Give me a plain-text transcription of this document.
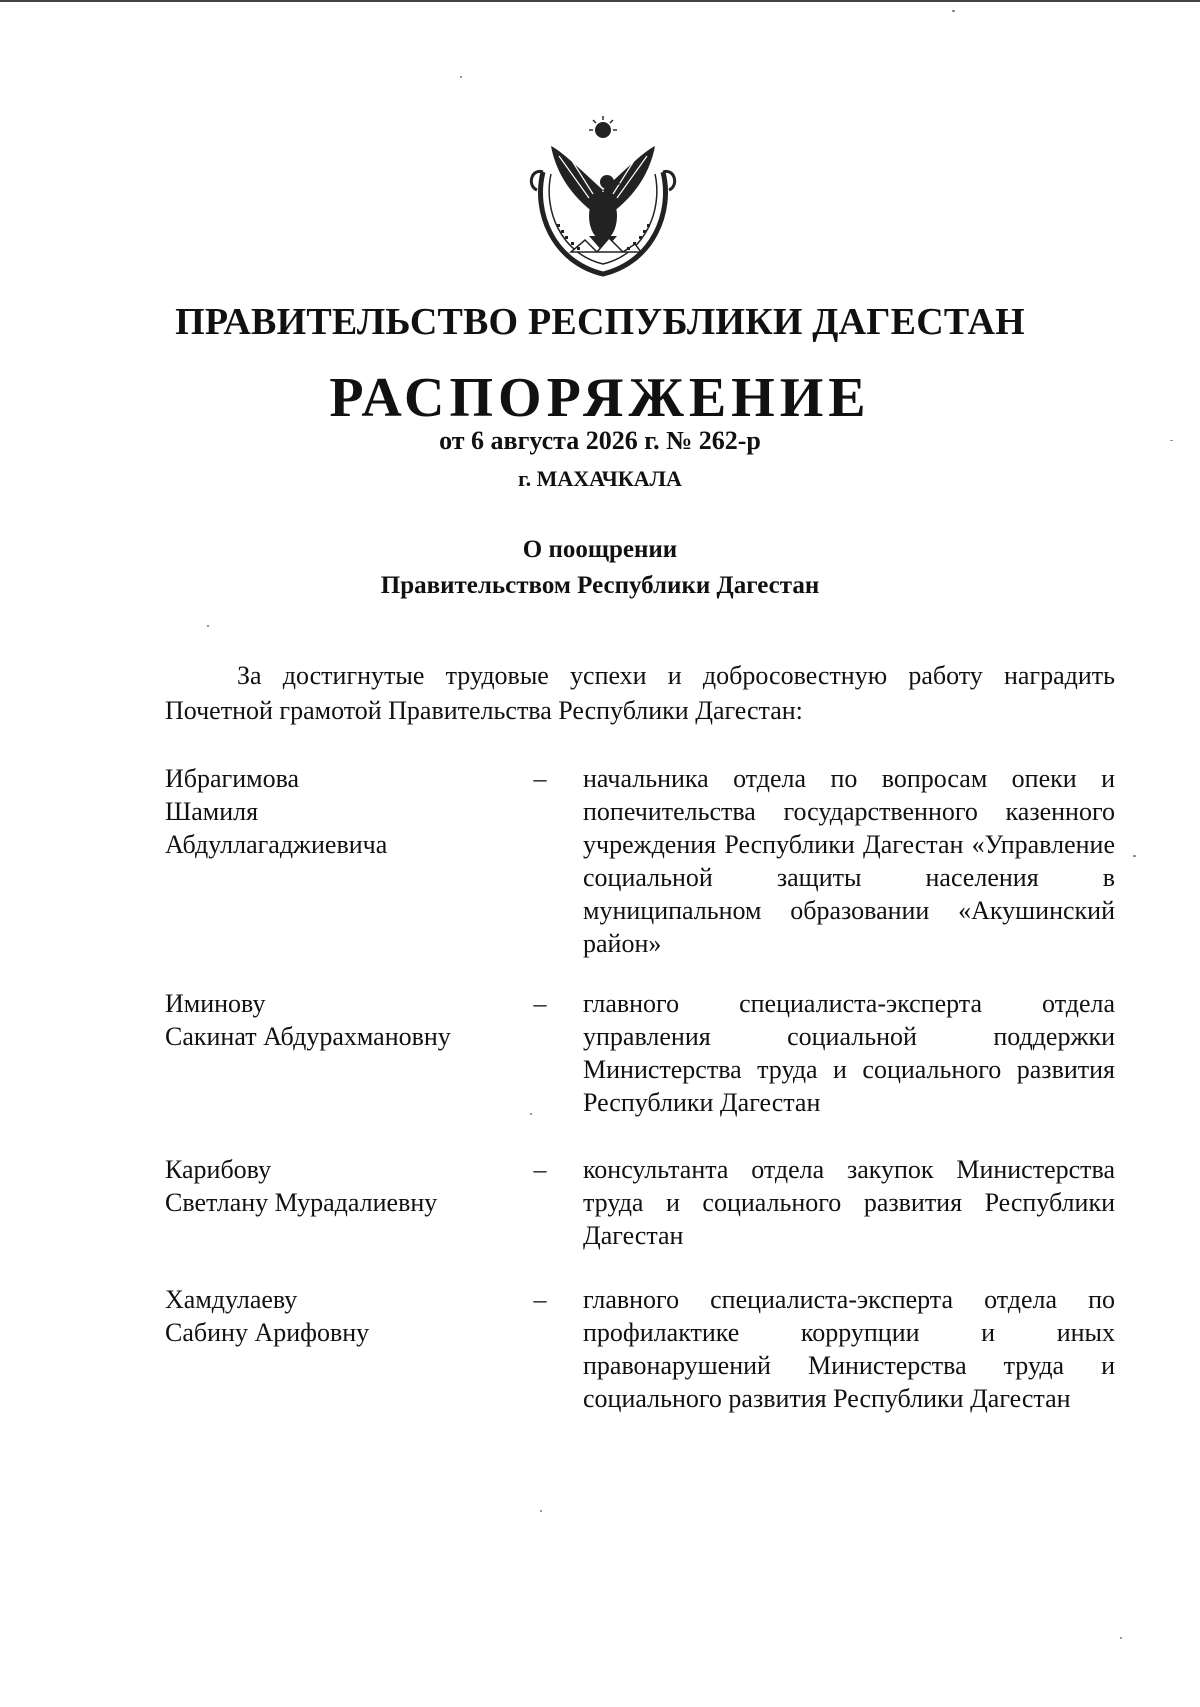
ПРАВИТЕЛЬСТВО РЕСПУБЛИКИ ДАГЕСТАН
РАСПОРЯЖЕНИЕ
от 6 августа 2026 г. № 262-р
г. МАХАЧКАЛА
О поощрении
Правительством Республики Дагестан
За достигнутые трудовые успехи и добросовестную работу наградить Почетной грамотой Правительства Республики Дагестан:
Ибрагимова
Шамиля
Абдуллагаджиевича
–	начальника отдела по вопросам опеки и попечительства государственного казенного учреждения Республики Дагестан «Управление социальной защиты населения в муниципальном образовании «Акушинский район»
Иминову
Сакинат Абдурахмановну
–	главного специалиста-эксперта отдела управления социальной поддержки Министерства труда и социального развития Республики Дагестан
Карибову
Светлану Мурадалиевну
–	консультанта отдела закупок Министерства труда и социального развития Республики Дагестан
Хамдулаеву
Сабину Арифовну
–	главного специалиста-эксперта отдела по профилактике коррупции и иных правонарушений Министерства труда и социального развития Республики Дагестан
